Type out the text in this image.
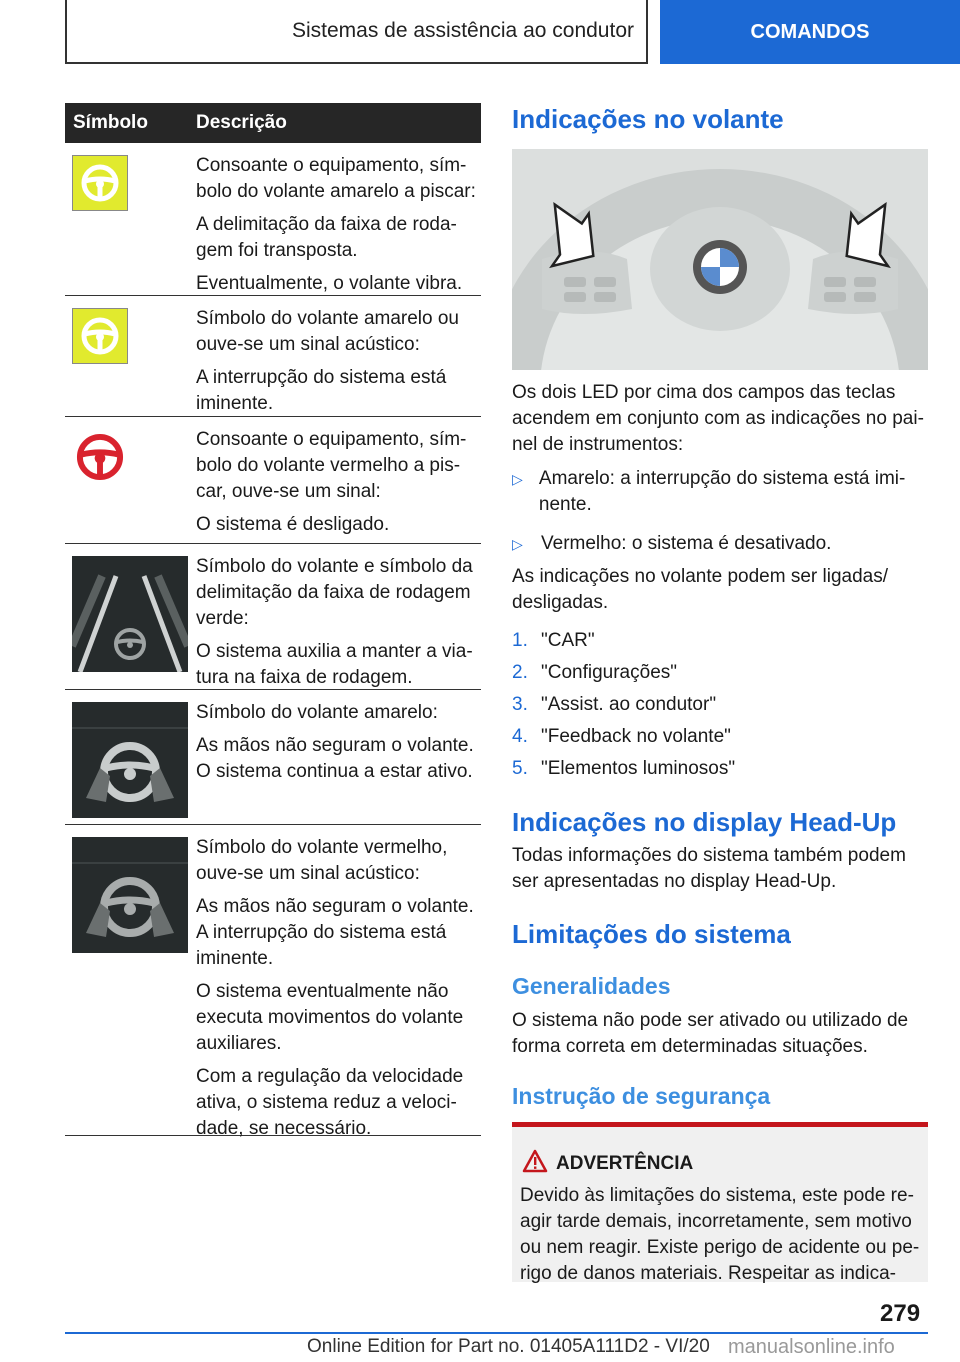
Sistemas de assistência ao condutor	COMANDOS
Símbolo	Descrição

Consoante o equipamento, sím-bolo do volante amarelo a piscar:

A delimitação da faixa de roda-gem foi transposta.

Eventualmente, o volante vibra.

Símbolo do volante amarelo ou ouve-se um sinal acústico:

A interrupção do sistema está iminente.

Consoante o equipamento, sím-bolo do volante vermelho a pis-car, ouve-se um sinal:

O sistema é desligado.

Símbolo do volante e símbolo da delimitação da faixa de rodagem verde:

O sistema auxilia a manter a via-tura na faixa de rodagem.

Símbolo do volante amarelo:

As mãos não seguram o volante. O sistema continua a estar ativo.

Símbolo do volante vermelho, ouve-se um sinal acústico:

As mãos não seguram o volante. A interrupção do sistema está iminente.

O sistema eventualmente não executa movimentos do volante auxiliares.

Com a regulação da velocidade ativa, o sistema reduz a veloci-dade, se necessário.

Indicações no volante

Os dois LED por cima dos campos das teclas acendem em conjunto com as indicações no pai-nel de instrumentos:

▷ Amarelo: a interrupção do sistema está imi-nente.
▷ Vermelho: o sistema é desativado.

As indicações no volante podem ser ligadas/ desligadas.

1. "CAR"
2. "Configurações"
3. "Assist. ao condutor"
4. "Feedback no volante"
5. "Elementos luminosos"
Indicações no display Head-Up

Todas informações do sistema também podem ser apresentadas no display Head-Up.

Limitações do sistema
Generalidades

O sistema não pode ser ativado ou utilizado de forma correta em determinadas situações.

Instrução de segurança
ADVERTÊNCIA
Devido às limitações do sistema, este pode re-agir tarde demais, incorretamente, sem motivo ou nem reagir. Existe perigo de acidente ou pe-rigo de danos materiais. Respeitar as indica-
279
Online Edition for Part no. 01405A111D2 - VI/20 manualsonline.info
